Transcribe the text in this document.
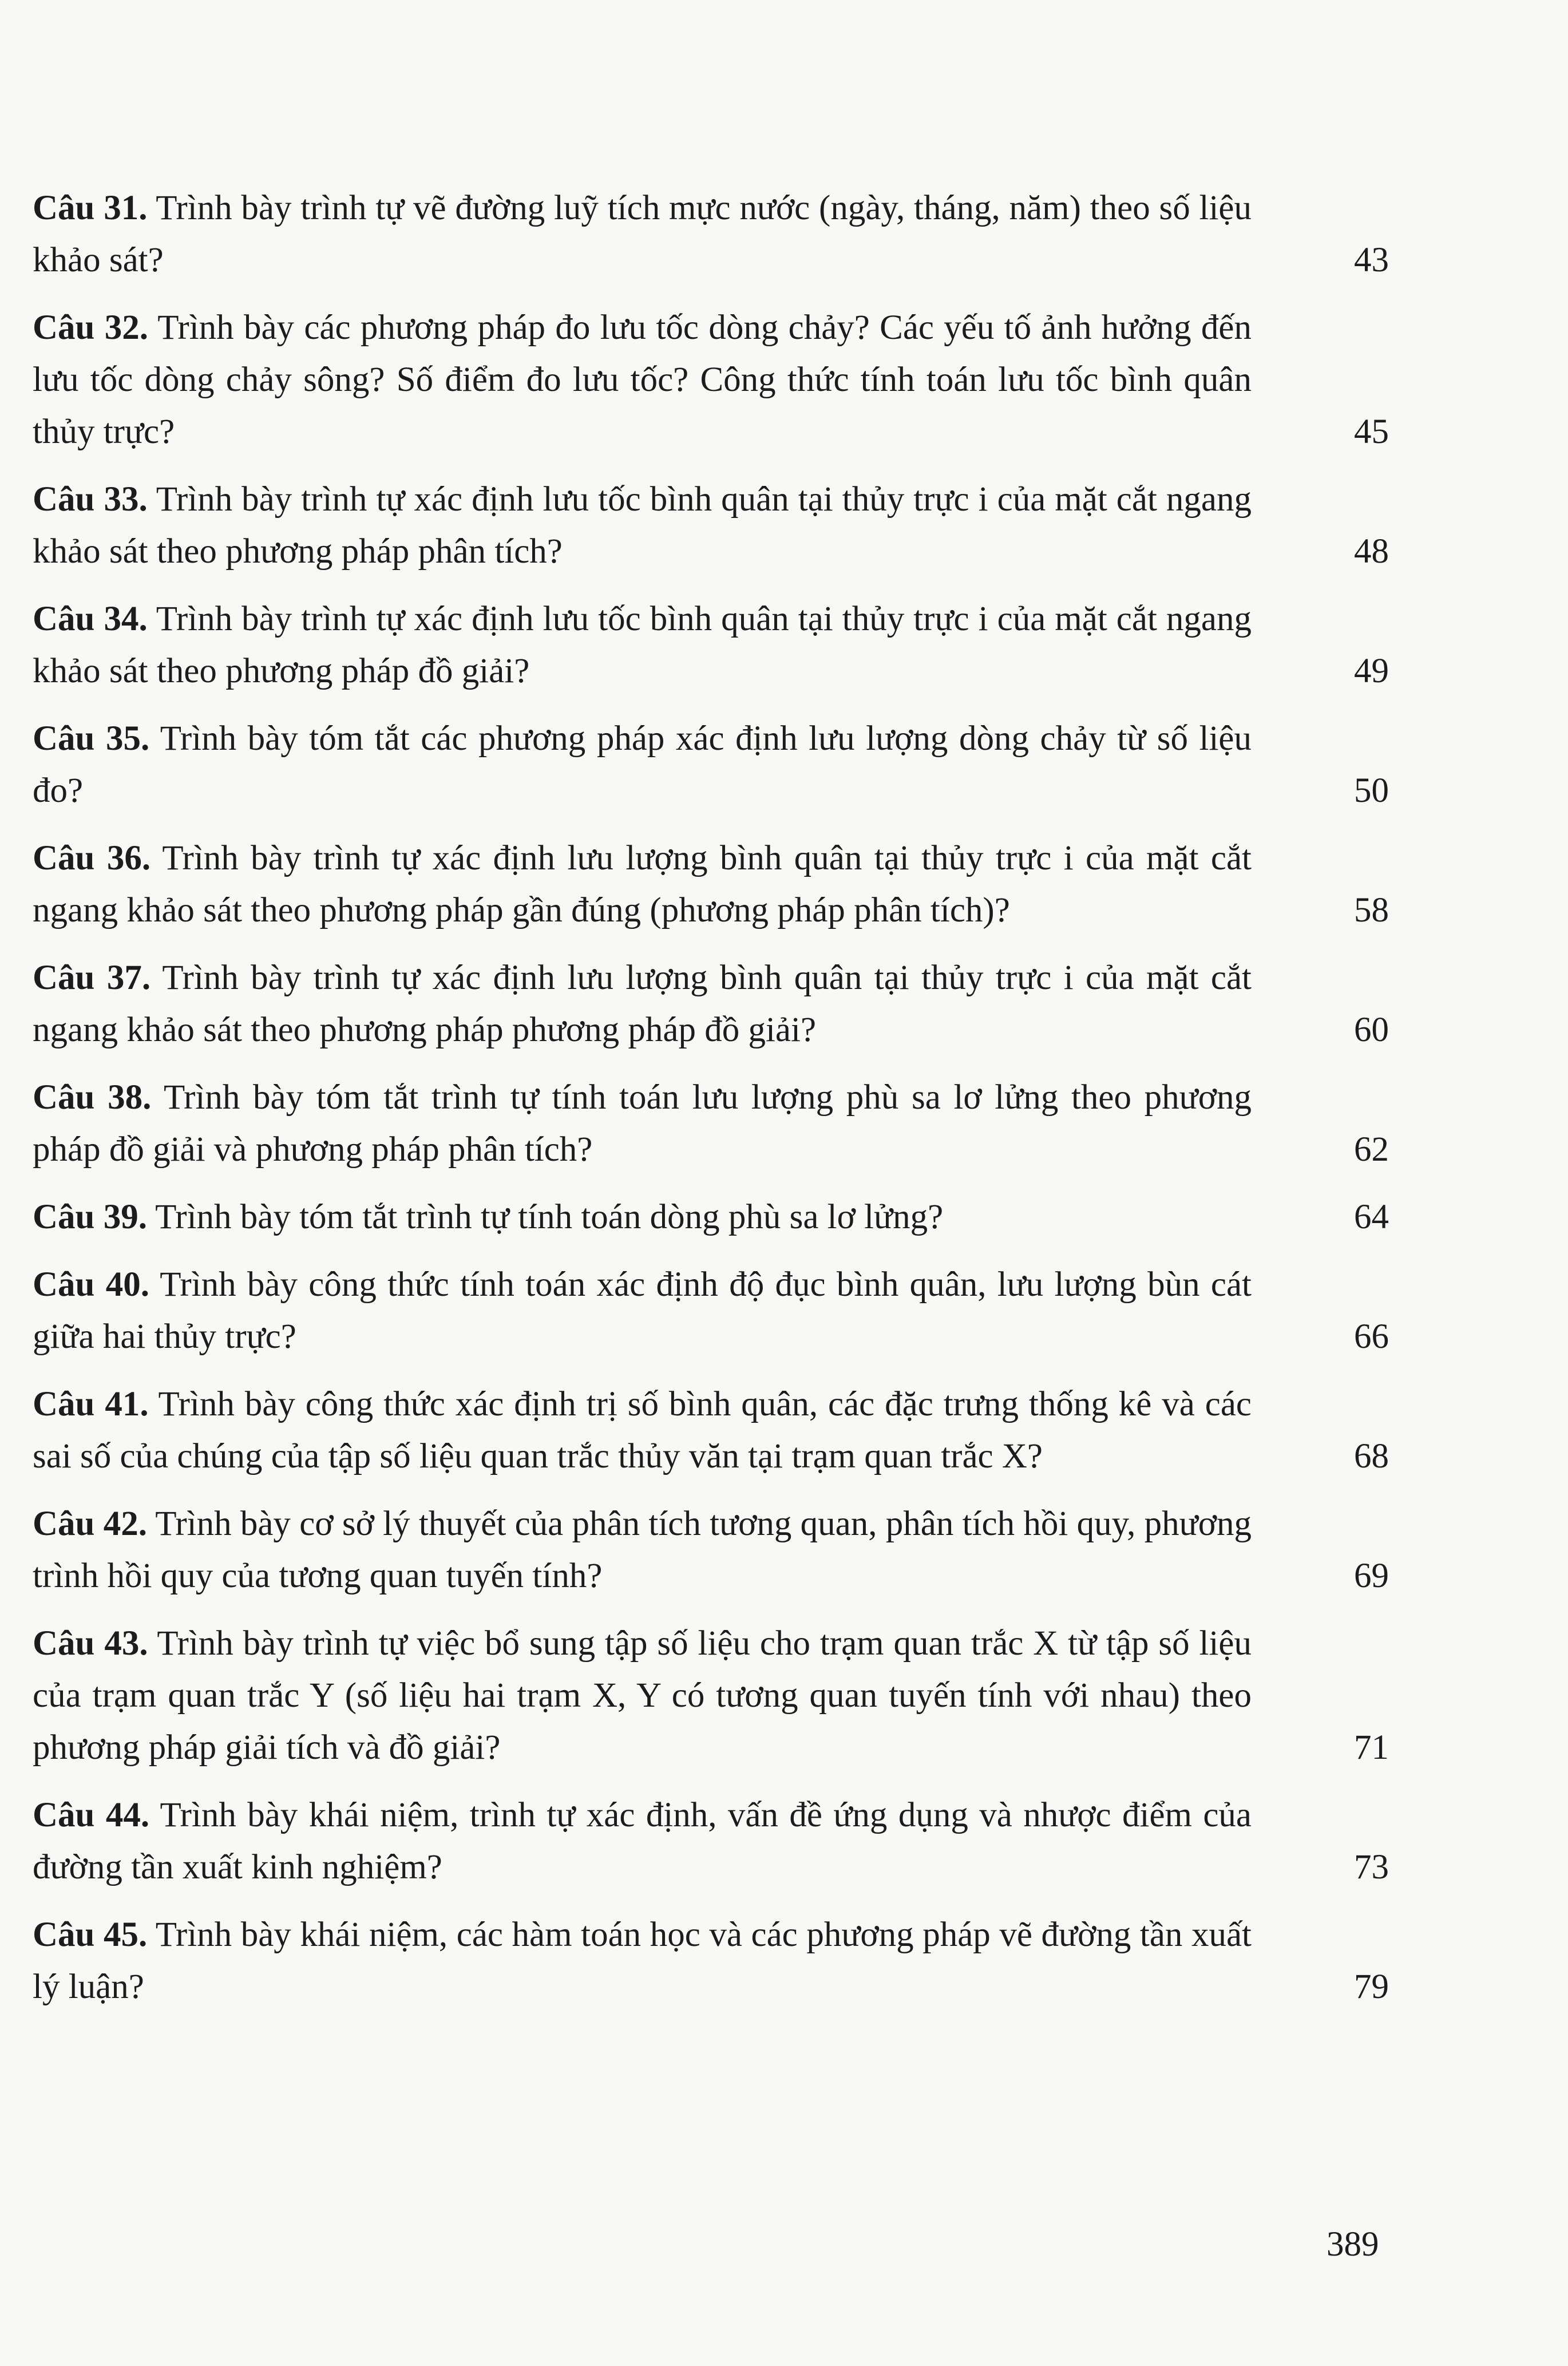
Câu 31. Trình bày trình tự vẽ đường luỹ tích mực nước (ngày, tháng, năm) theo số liệu khảo sát?	43
Câu 32. Trình bày các phương pháp đo lưu tốc dòng chảy? Các yếu tố ảnh hưởng đến lưu tốc dòng chảy sông? Số điểm đo lưu tốc? Công thức tính toán lưu tốc bình quân thủy trực?	45
Câu 33. Trình bày trình tự xác định lưu tốc bình quân tại thủy trực i của mặt cắt ngang khảo sát theo phương pháp phân tích?	48
Câu 34. Trình bày trình tự xác định lưu tốc bình quân tại thủy trực i của mặt cắt ngang khảo sát theo phương pháp đồ giải?	49
Câu 35. Trình bày tóm tắt các phương pháp xác định lưu lượng dòng chảy từ số liệu đo?	50
Câu 36. Trình bày trình tự xác định lưu lượng bình quân tại thủy trực i của mặt cắt ngang khảo sát theo phương pháp gần đúng (phương pháp phân tích)?	58
Câu 37. Trình bày trình tự xác định lưu lượng bình quân tại thủy trực i của mặt cắt ngang khảo sát theo phương pháp phương pháp đồ giải?	60
Câu 38. Trình bày tóm tắt trình tự tính toán lưu lượng phù sa lơ lửng theo phương pháp đồ giải và phương pháp phân tích?	62
Câu 39. Trình bày tóm tắt trình tự tính toán dòng phù sa lơ lửng?	64
Câu 40. Trình bày công thức tính toán xác định độ đục bình quân, lưu lượng bùn cát giữa hai thủy trực?	66
Câu 41. Trình bày công thức xác định trị số bình quân, các đặc trưng thống kê và các sai số của chúng của tập số liệu quan trắc thủy văn tại trạm quan trắc X?	68
Câu 42. Trình bày cơ sở lý thuyết của phân tích tương quan, phân tích hồi quy, phương trình hồi quy của tương quan tuyến tính?	69
Câu 43. Trình bày trình tự việc bổ sung tập số liệu cho trạm quan trắc X từ tập số liệu của trạm quan trắc Y (số liệu hai trạm X, Y có tương quan tuyến tính với nhau) theo phương pháp giải tích và đồ giải?	71
Câu 44. Trình bày khái niệm, trình tự xác định, vấn đề ứng dụng và nhược điểm của đường tần xuất kinh nghiệm?	73
Câu 45. Trình bày khái niệm, các hàm toán học và các phương pháp vẽ đường tần xuất lý luận?	79
389
